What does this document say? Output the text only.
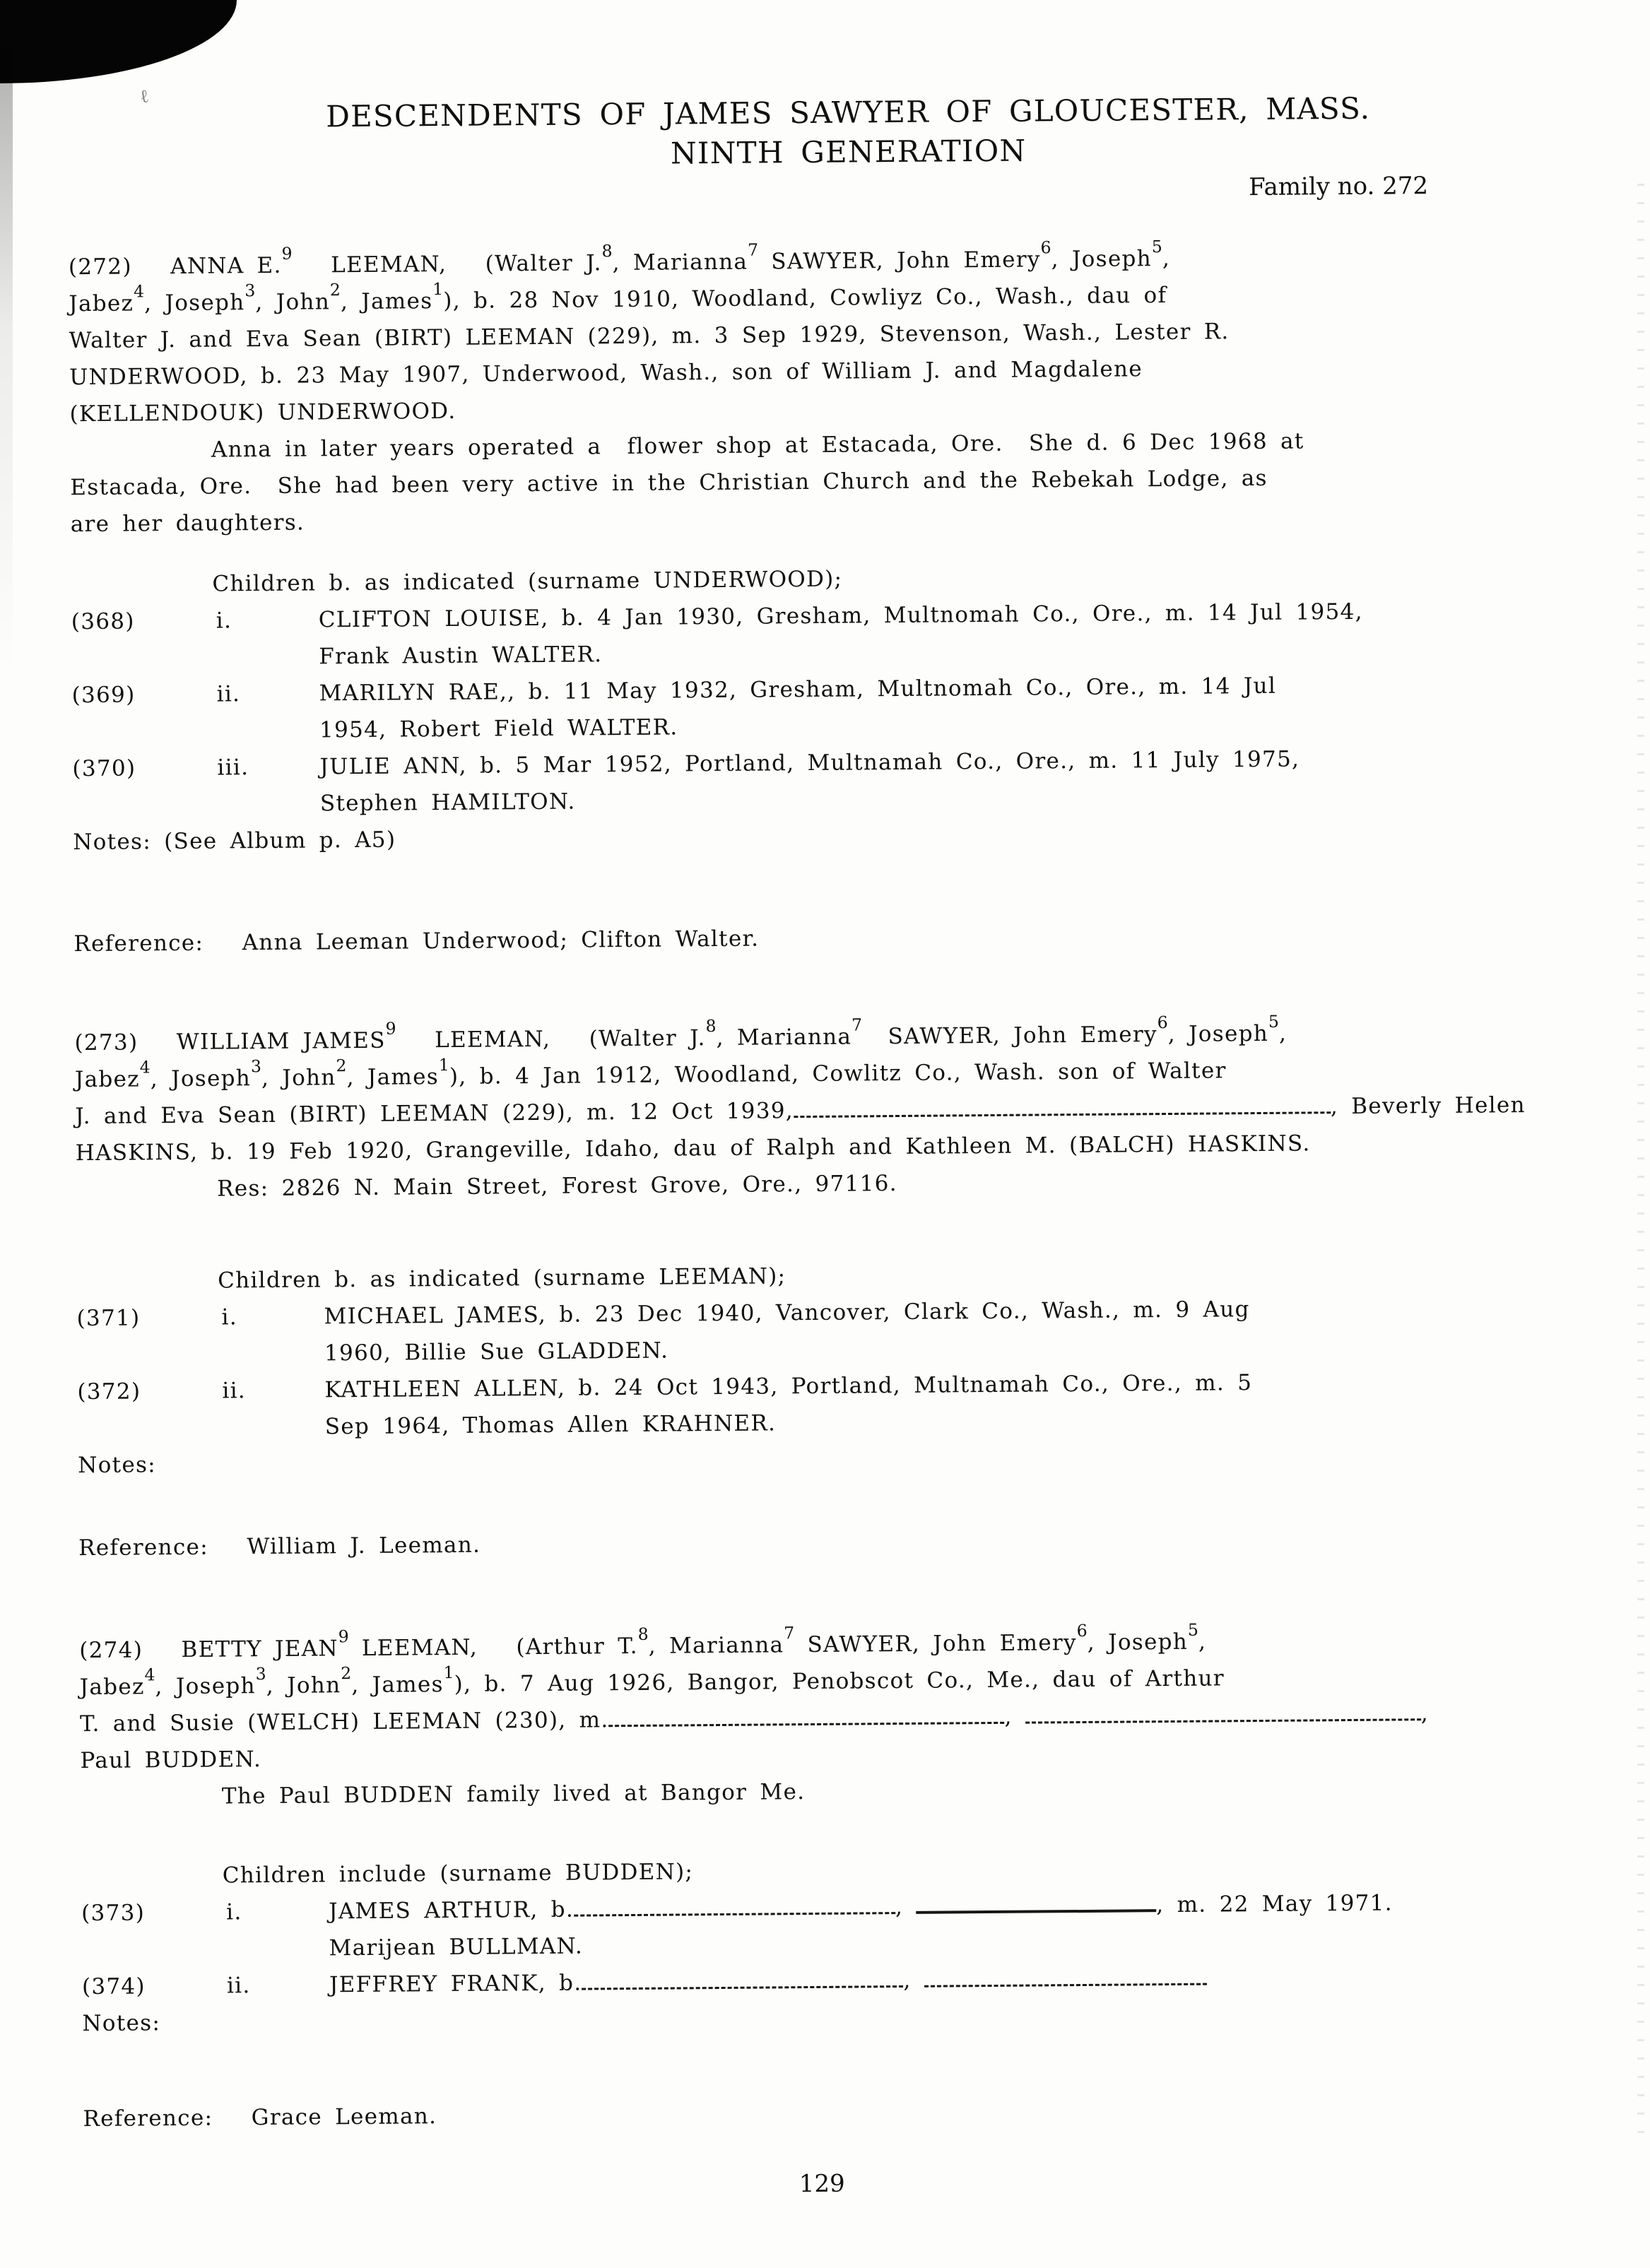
ℓ	DESCENDENTS OF JAMES SAWYER OF GLOUCESTER, MASS.
NINTH GENERATION
Family no. 272
(272)   ANNA E.$^9$   LEEMAN,   (Walter J.$^8$, Marianna$^7$ SAWYER, John Emery$^6$, Joseph$^5$,
Jabez$^4$, Joseph$^3$, John$^2$, James$^1$), b. 28 Nov 1910, Woodland, Cowliyz Co., Wash., dau of
Walter J. and Eva Sean (BIRT) LEEMAN (229), m. 3 Sep 1929, Stevenson, Wash., Lester R.
UNDERWOOD, b. 23 May 1907, Underwood, Wash., son of William J. and Magdalene
(KELLENDOUK) UNDERWOOD.
Anna in later years operated a  flower shop at Estacada, Ore.  She d. 6 Dec 1968 at
Estacada, Ore.  She had been very active in the Christian Church and the Rebekah Lodge, as
are her daughters.
Children b. as indicated (surname UNDERWOOD);
(368)	i.	CLIFTON LOUISE, b. 4 Jan 1930, Gresham, Multnomah Co., Ore., m. 14 Jul 1954,
Frank Austin WALTER.
(369)	ii.	MARILYN RAE,, b. 11 May 1932, Gresham, Multnomah Co., Ore., m. 14 Jul
1954, Robert Field WALTER.
(370)	iii.	JULIE ANN, b. 5 Mar 1952, Portland, Multnamah Co., Ore., m. 11 July 1975,
Stephen HAMILTON.
Notes: (See Album p. A5)
Reference:   Anna Leeman Underwood; Clifton Walter.
(273)   WILLIAM JAMES$^9$   LEEMAN,   (Walter J.$^8$, Marianna$^7$  SAWYER, John Emery$^6$, Joseph$^5$,
Jabez$^4$, Joseph$^3$, John$^2$, James$^1$), b. 4 Jan 1912, Woodland, Cowlitz Co., Wash. son of Walter
J. and Eva Sean (BIRT) LEEMAN (229), m. 12 Oct 1939,	, Beverly Helen
HASKINS, b. 19 Feb 1920, Grangeville, Idaho, dau of Ralph and Kathleen M. (BALCH) HASKINS.
Res: 2826 N. Main Street, Forest Grove, Ore., 97116.
Children b. as indicated (surname LEEMAN);
(371)	i.	MICHAEL JAMES, b. 23 Dec 1940, Vancover, Clark Co., Wash., m. 9 Aug
1960, Billie Sue GLADDEN.
(372)	ii.	KATHLEEN ALLEN, b. 24 Oct 1943, Portland, Multnamah Co., Ore., m. 5
Sep 1964, Thomas Allen KRAHNER.
Notes:
Reference:   William J. Leeman.
(274)   BETTY JEAN$^9$ LEEMAN,   (Arthur T.$^8$, Marianna$^7$ SAWYER, John Emery$^6$, Joseph$^5$,
Jabez$^4$, Joseph$^3$, John$^2$, James$^1$), b. 7 Aug 1926, Bangor, Penobscot Co., Me., dau of Arthur
T. and Susie (WELCH) LEEMAN (230), m.	,	,
Paul BUDDEN.
The Paul BUDDEN family lived at Bangor Me.
Children include (surname BUDDEN);
(373)	i.	JAMES ARTHUR, b.	,	, m. 22 May 1971.
Marijean BULLMAN.
(374)	ii.	JEFFREY FRANK, b.	,
Notes:
Reference:   Grace Leeman.
129
